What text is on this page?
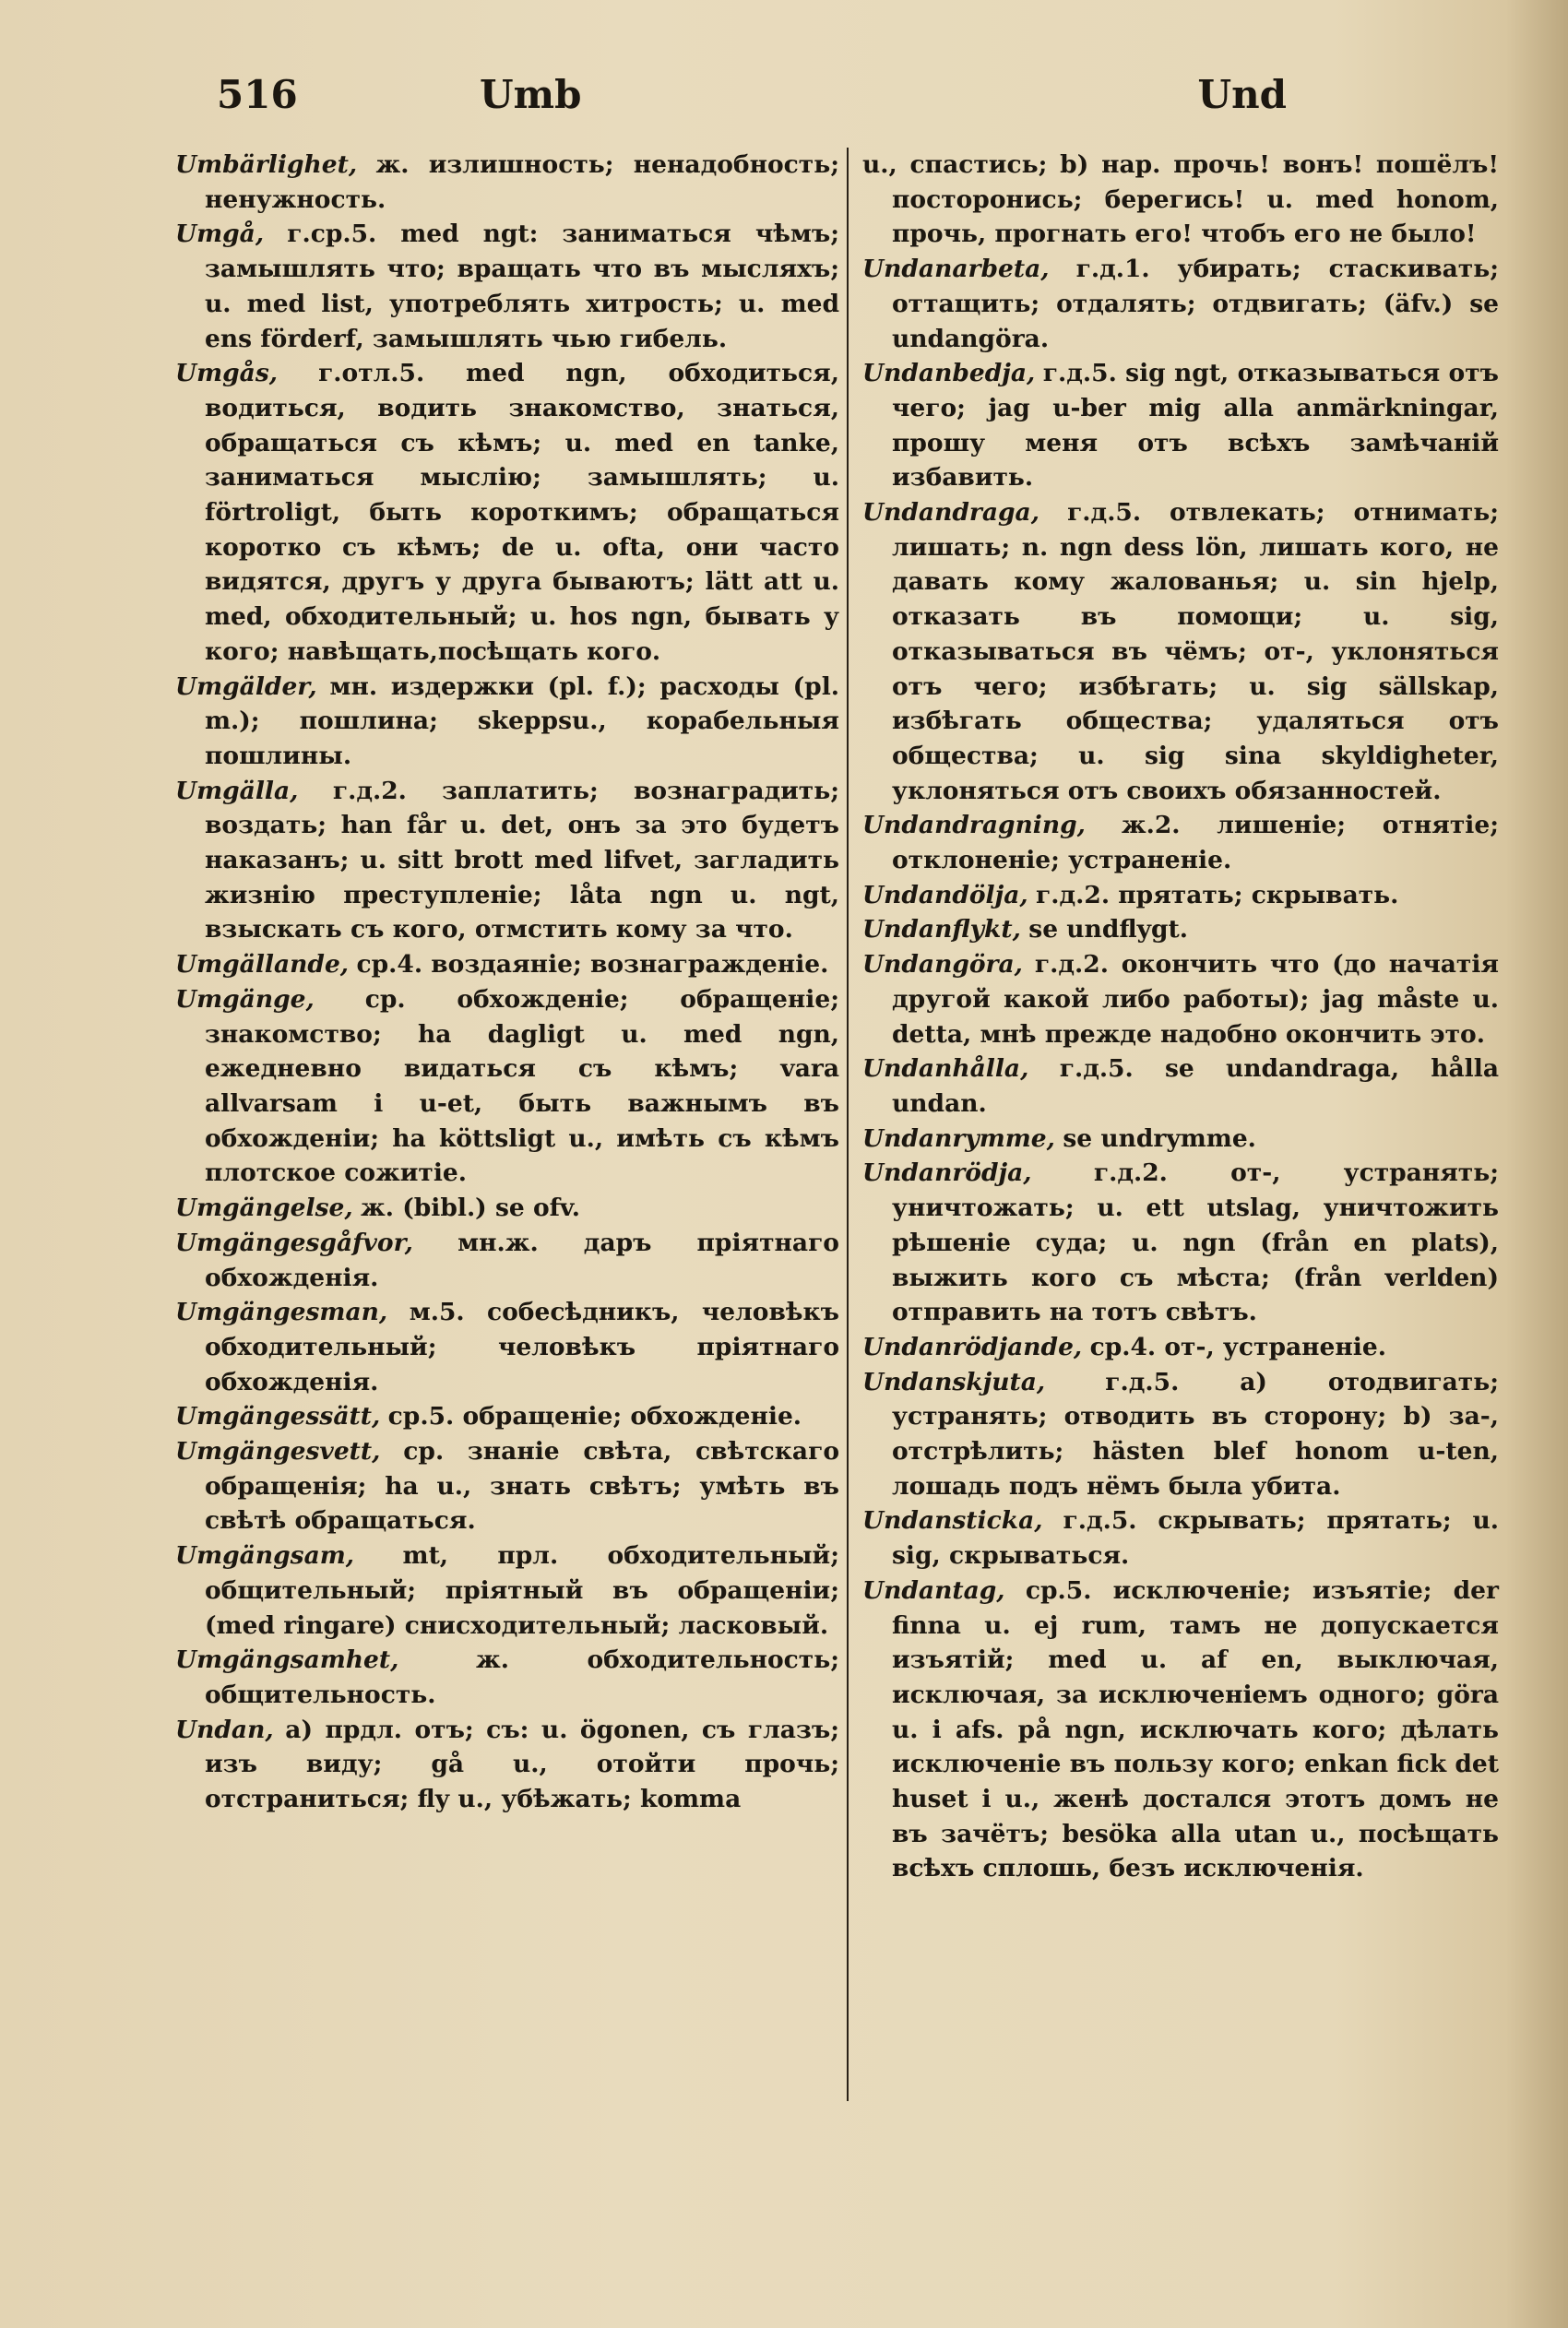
516	Umb	Und

Umbärlighet, ж. излишность; ненадобность; ненужность.

Umgå, г.ср.5. med ngt: заниматься чѣмъ; замышлять что; вращать что въ мысляхъ; u. med list, употреблять хитрость; u. med ens förderf, замышлять чью гибель.

Umgås, г.отл.5. med ngn, обходиться, водиться, водить знакомство, знаться, обращаться съ кѣмъ; u. med en tanke, заниматься мыслію; замышлять; u. förtroligt, быть короткимъ; обращаться коротко съ кѣмъ; de u. ofta, они часто видятся, другъ у друга бываютъ; lätt att u. med, обходительный; u. hos ngn, бывать у кого; навѣщать,посѣщать кого.

Umgälder, мн. издержки (pl. f.); расходы (pl. m.); пошлина; skeppsu., корабельныя пошлины.

Umgälla, г.д.2. заплатить; вознаградить; воздать; han får u. det, онъ за это будетъ наказанъ; u. sitt brott med lifvet, загладить жизнію преступленіе; låta ngn u. ngt, взыскать съ кого, отмстить кому за что.

Umgällande, ср.4. воздаяніе; вознагражденіе.

Umgänge, ср. обхожденіе; обращеніе; знакомство; ha dagligt u. med ngn, ежедневно видаться съ кѣмъ; vara allvarsam i u-et, быть важнымъ въ обхожденіи; ha köttsligt u., имѣть съ кѣмъ плотское сожитіе.

Umgängelse, ж. (bibl.) se ofv.

Umgängesgåfvor, мн.ж. даръ пріятнаго обхожденія.

Umgängesman, м.5. собесѣдникъ, человѣкъ обходительный; человѣкъ пріятнаго обхожденія.

Umgängessätt, ср.5. обращеніе; обхожденіе.

Umgängesvett, ср. знаніе свѣта, свѣтскаго обращенія; ha u., знать свѣтъ; умѣть въ свѣтѣ обращаться.

Umgängsam, mt, прл. обходительный; общительный; пріятный въ обращеніи; (med ringare) снисходительный; ласковый.

Umgängsamhet,	ж. обходительность; общительность.

Undan, a) прдл. отъ; съ: u. ögonen, съ глазъ; изъ виду; gå u., отойти прочь; отстраниться; fly u., убѣжать; komma

u., спастись; b) нар. прочь! вонъ! пошёлъ! посторонись; берегись! u. med honom, прочь, прогнать его! чтобъ его не было!

Undanarbeta, г.д.1. убирать; стаскивать; оттащить; отдалять; отдвигать; (äfv.) se undangöra.

Undanbedja, г.д.5. sig ngt, отказываться отъ чего; jag u-ber mig alla anmärkningar, прошу меня отъ всѣхъ замѣчаній избавить.

Undandraga, г.д.5. отвлекать; отнимать; лишать; n. ngn dess lön, лишать кого, не давать кому жалованья; u. sin hjelp, отказать въ помощи; u. sig, отказываться въ чёмъ; от-, уклоняться отъ чего; избѣгать; u. sig sällskap, избѣгать общества; удаляться отъ общества; u. sig sina skyldigheter, уклоняться отъ своихъ обязанностей.

Undandragning, ж.2. лишеніе; отнятіе; отклоненіе; устраненіе.

Undandölja, г.д.2. прятать; скрывать.

Undanflykt, se undflygt.

Undangöra, г.д.2. окончить что (до начатія другой какой либо работы); jag måste u. detta, мнѣ прежде надобно окончить это.

Undanhålla, г.д.5. se undandraga, hålla undan.

Undanrymme, se undrymme.

Undanrödja,	г.д.2. от-, устранять; уничтожать; u. ett utslag, уничтожить рѣшеніе суда; u. ngn (från en plats), выжить кого съ мѣста; (från verlden) отправить на тотъ свѣтъ.

Undanrödjande, ср.4. от-, устраненіе.

Undanskjuta, г.д.5. a) отодвигать; устранять; отводить въ сторону; b) за-, отстрѣлить; hästen blef honom u-ten, лошадь подъ нёмъ была убита.

Undansticka, г.д.5. скрывать; прятать; u. sig, скрываться.

Undantag, ср.5. исключеніе; изъятіе; der finna u. ej rum, тамъ не допускается изъятій; med u. af en, выключая, исключая, за исключеніемъ одного; göra u. i afs. på ngn, исключать кого; дѣлать исключеніе въ пользу кого; enkan fick det huset i u., женѣ достался этотъ домъ не въ зачётъ; besöka alla utan u., посѣщать всѣхъ сплошь, безъ исключенія.
